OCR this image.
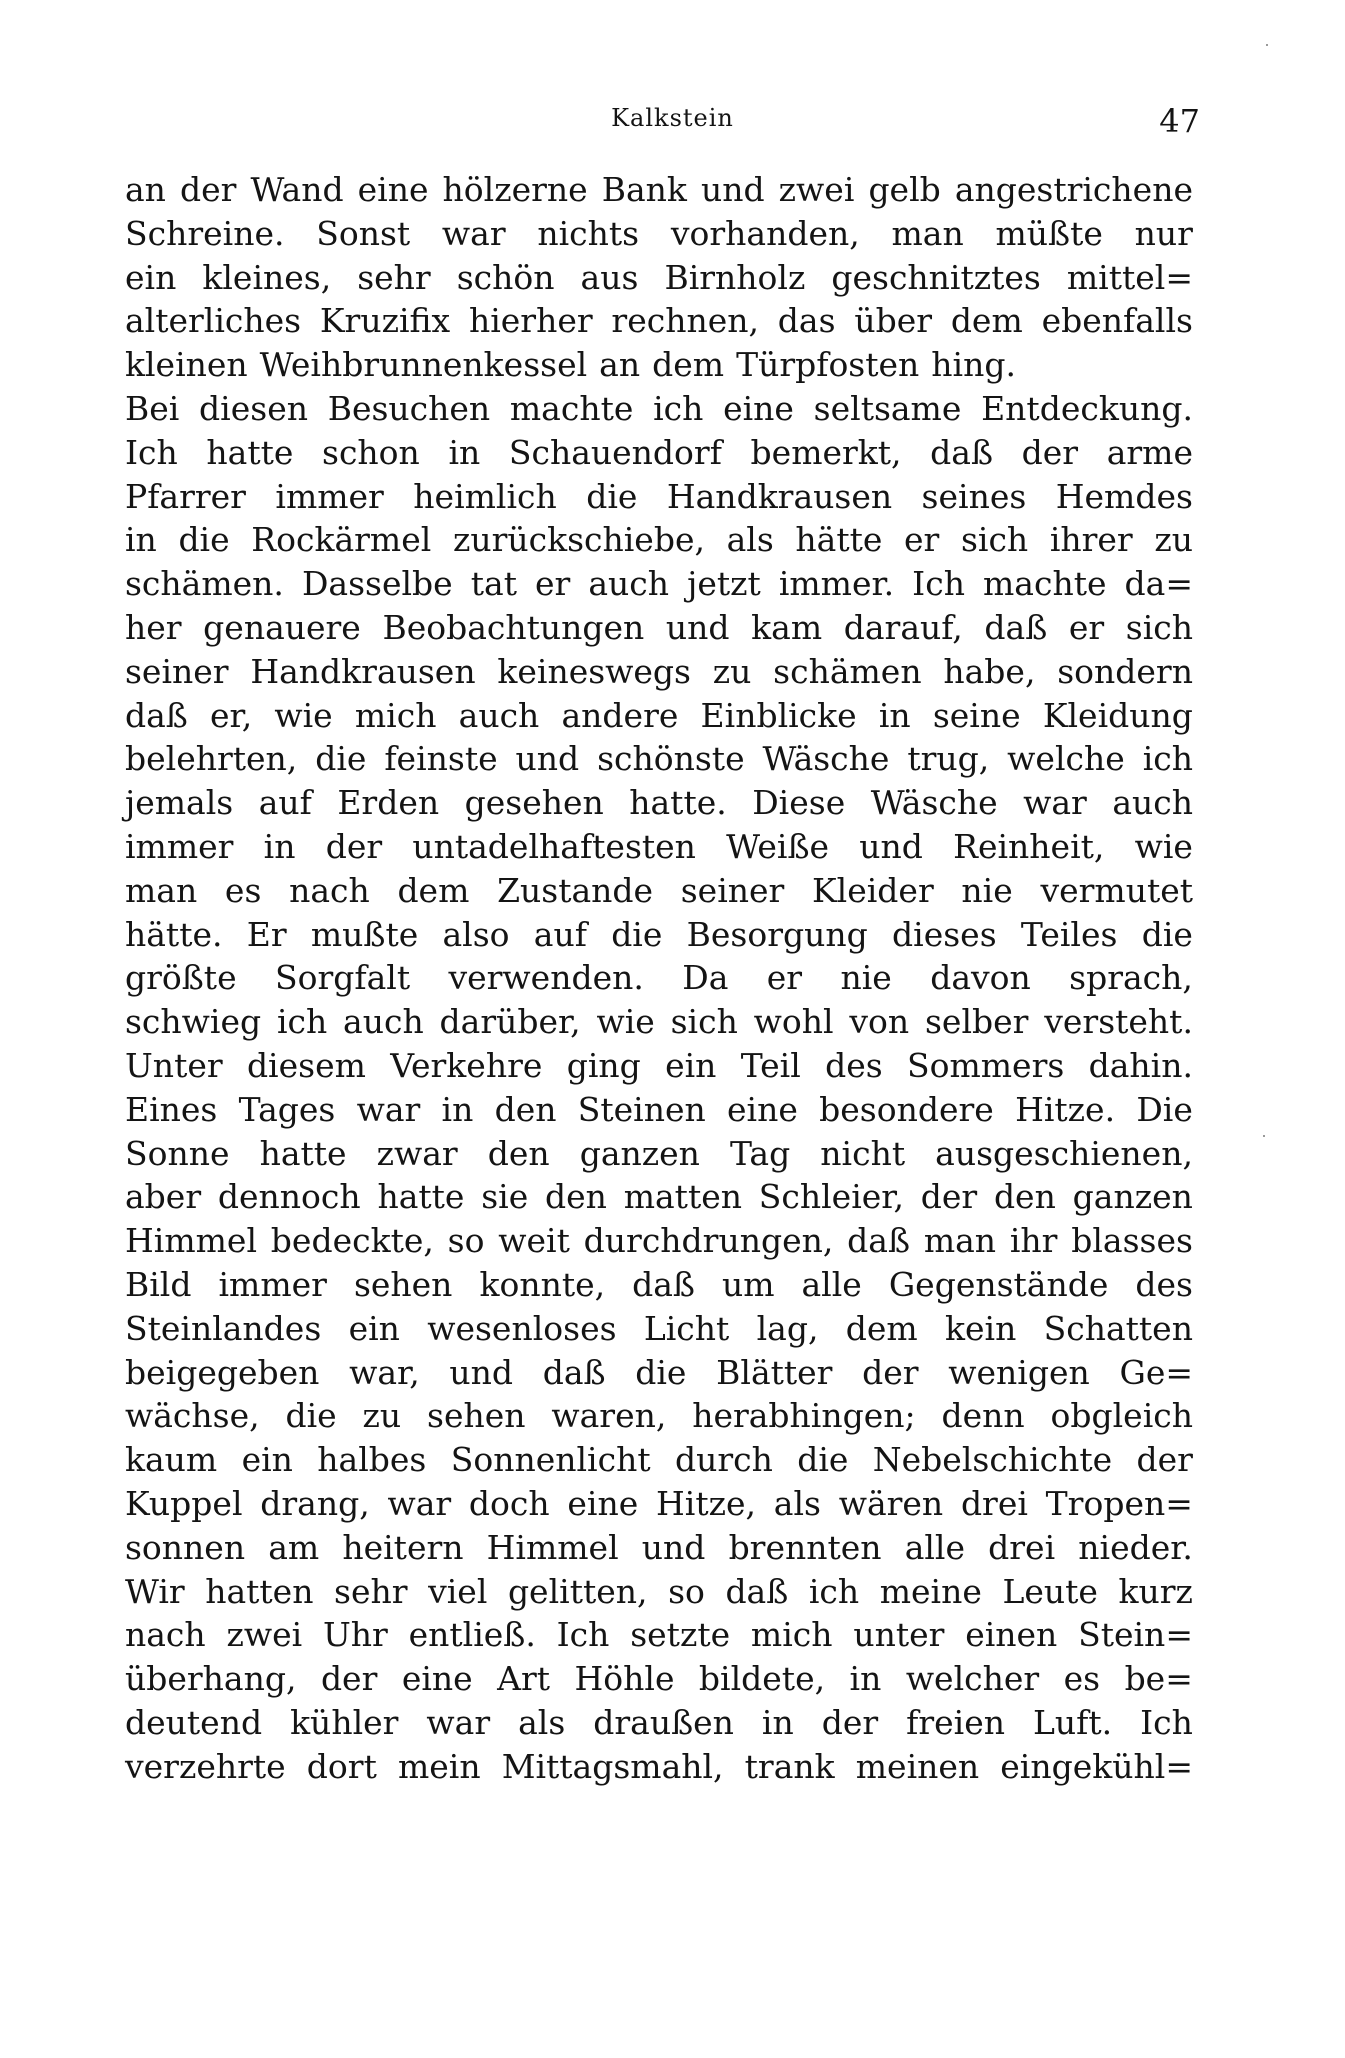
Kalkstein	47
an der Wand eine hölzerne Bank und zwei gelb angestrichene
Schreine. Sonst war nichts vorhanden, man müßte nur
ein kleines, sehr schön aus Birnholz geschnitztes mittel=
alterliches Kruzifix hierher rechnen, das über dem ebenfalls
kleinen Weihbrunnenkessel an dem Türpfosten hing.
Bei diesen Besuchen machte ich eine seltsame Entdeckung.
Ich hatte schon in Schauendorf bemerkt, daß der arme
Pfarrer immer heimlich die Handkrausen seines Hemdes
in die Rockärmel zurückschiebe, als hätte er sich ihrer zu
schämen. Dasselbe tat er auch jetzt immer. Ich machte da=
her genauere Beobachtungen und kam darauf, daß er sich
seiner Handkrausen keineswegs zu schämen habe, sondern
daß er, wie mich auch andere Einblicke in seine Kleidung
belehrten, die feinste und schönste Wäsche trug, welche ich
jemals auf Erden gesehen hatte. Diese Wäsche war auch
immer in der untadelhaftesten Weiße und Reinheit, wie
man es nach dem Zustande seiner Kleider nie vermutet
hätte. Er mußte also auf die Besorgung dieses Teiles die
größte Sorgfalt verwenden. Da er nie davon sprach,
schwieg ich auch darüber, wie sich wohl von selber versteht.
Unter diesem Verkehre ging ein Teil des Sommers dahin.
Eines Tages war in den Steinen eine besondere Hitze. Die
Sonne hatte zwar den ganzen Tag nicht ausgeschienen,
aber dennoch hatte sie den matten Schleier, der den ganzen
Himmel bedeckte, so weit durchdrungen, daß man ihr blasses
Bild immer sehen konnte, daß um alle Gegenstände des
Steinlandes ein wesenloses Licht lag, dem kein Schatten
beigegeben war, und daß die Blätter der wenigen Ge=
wächse, die zu sehen waren, herabhingen; denn obgleich
kaum ein halbes Sonnenlicht durch die Nebelschichte der
Kuppel drang, war doch eine Hitze, als wären drei Tropen=
sonnen am heitern Himmel und brennten alle drei nieder.
Wir hatten sehr viel gelitten, so daß ich meine Leute kurz
nach zwei Uhr entließ. Ich setzte mich unter einen Stein=
überhang, der eine Art Höhle bildete, in welcher es be=
deutend kühler war als draußen in der freien Luft. Ich
verzehrte dort mein Mittagsmahl, trank meinen eingekühl=
